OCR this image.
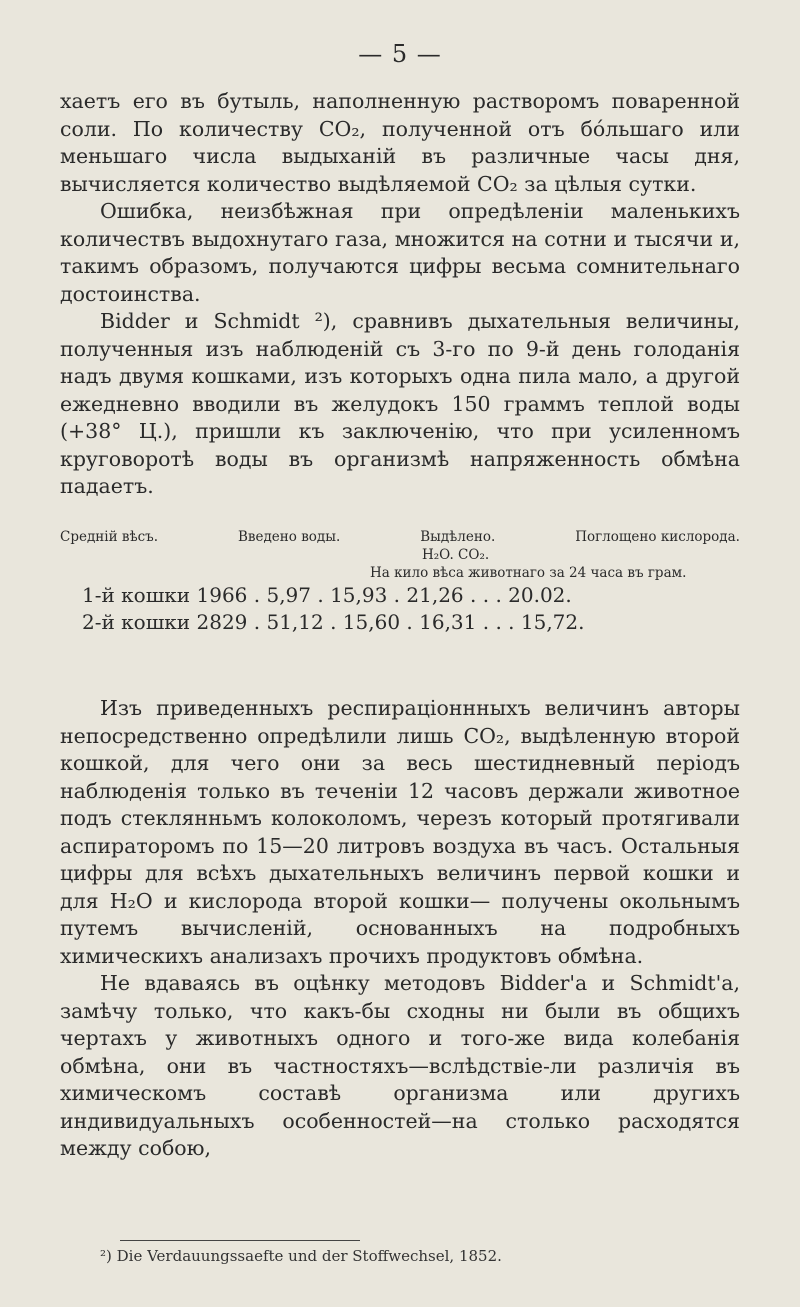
— 5 —

хаетъ его въ бутыль, наполненную растворомъ поваренной соли. По количеству СО₂, полученной отъ бóльшаго или меньшаго числа выдыханій въ различные часы дня, вычисляется количество выдѣляемой СО₂ за цѣлыя сутки.

Ошибка, неизбѣжная при опредѣленіи маленькихъ количествъ выдохнутаго газа, множится на сотни и тысячи и, такимъ образомъ, получаются цифры весьма сомнительнаго достоинства.

Bidder и Schmidt ²), сравнивъ дыхательныя величины, полученныя изъ наблюденій съ 3-го по 9-й день голоданія надъ двумя кошками, изъ которыхъ одна пила мало, а другой ежедневно вводили въ желудокъ 150 граммъ теплой воды (+38° Ц.), пришли къ заключенію, что при усиленномъ круговоротѣ воды въ организмѣ напряженность обмѣна падаетъ.

Среднiй вѣсъ.	Введено воды.	Выдѣлено.	Поглощено кислорода.
H₂O. CO₂.
На кило вѣса животнаго за 24 часа въ грам.
1-й кошки 1966 . 5,97 . 15,93 . 21,26 . . . 20.02.
2-й кошки 2829 . 51,12 . 15,60 . 16,31 . . . 15,72.

Изъ приведенныхъ респираціоннныхъ величинъ авторы непосредственно опредѣлили лишь СО₂, выдѣленную второй кошкой, для чего они за весь шестидневный періодъ наблюденія только въ теченіи 12 часовъ держали животное подъ стеклянньмъ колоколомъ, черезъ который протягивали аспираторомъ по 15—20 литровъ воздуха въ часъ. Остальныя цифры для всѣхъ дыхательныхъ величинъ первой кошки и для H₂O и кислорода второй кошки— получены окольнымъ путемъ вычисленій, основанныхъ на подробныхъ химическихъ анализахъ прочихъ продуктовъ обмѣна.

Не вдаваясь въ оцѣнку методовъ Bidder'а и Schmidt'а, замѣчу только, что какъ-бы сходны ни были въ общихъ чертахъ у животныхъ одного и того-же вида колебанія обмѣна, они въ частностяхъ—вслѣдствіе-ли различія въ химическомъ составѣ организма или другихъ индивидуальныхъ особенностей—на столько расходятся между собою,

²) Die Verdauungssaefte und der Stoffwechsel, 1852.
